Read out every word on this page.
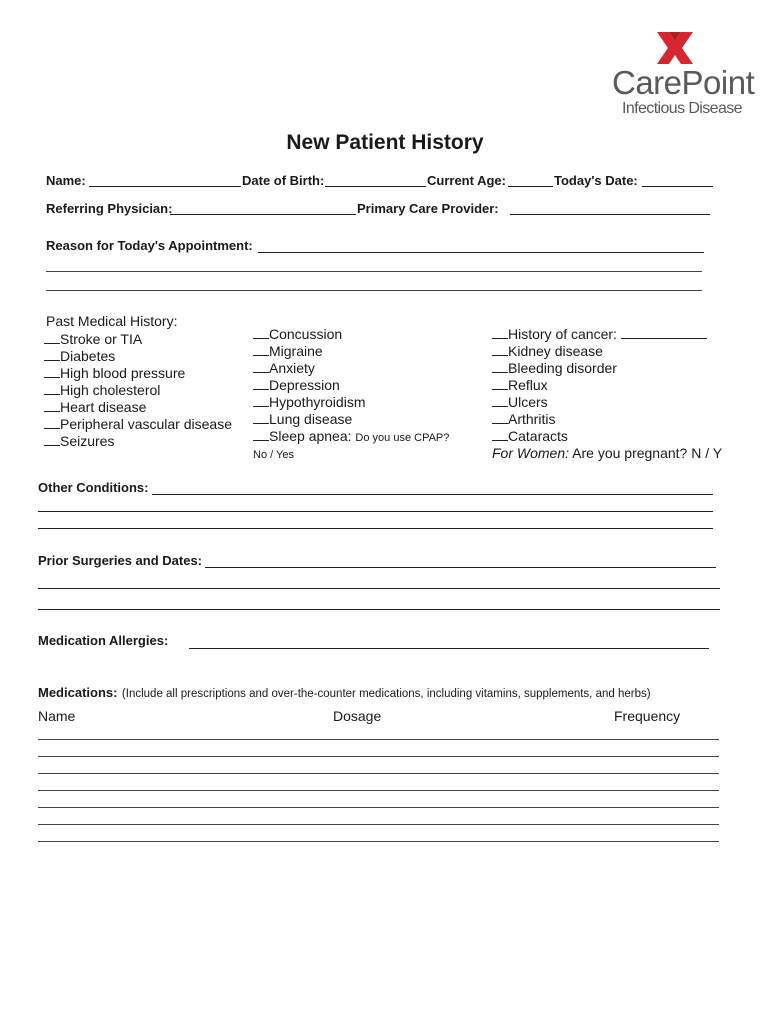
CarePoint
Infectious Disease
New Patient History
Name:	Date of Birth:	Current Age:	Today's Date:
Referring Physician:	Primary Care Provider:
Reason for Today's Appointment:
Past Medical History:
Stroke or TIA
Diabetes
High blood pressure
High cholesterol
Heart disease
Peripheral vascular disease
Seizures
Concussion
Migraine
Anxiety
Depression
Hypothyroidism
Lung disease
Sleep apnea: Do you use CPAP?
No / Yes
History of cancer:
Kidney disease
Bleeding disorder
Reflux
Ulcers
Arthritis
Cataracts
For Women: Are you pregnant? N / Y
Other Conditions:
Prior Surgeries and Dates:
Medication Allergies:
Medications: (Include all prescriptions and over-the-counter medications, including vitamins, supplements, and herbs)
Name	Dosage	Frequency
